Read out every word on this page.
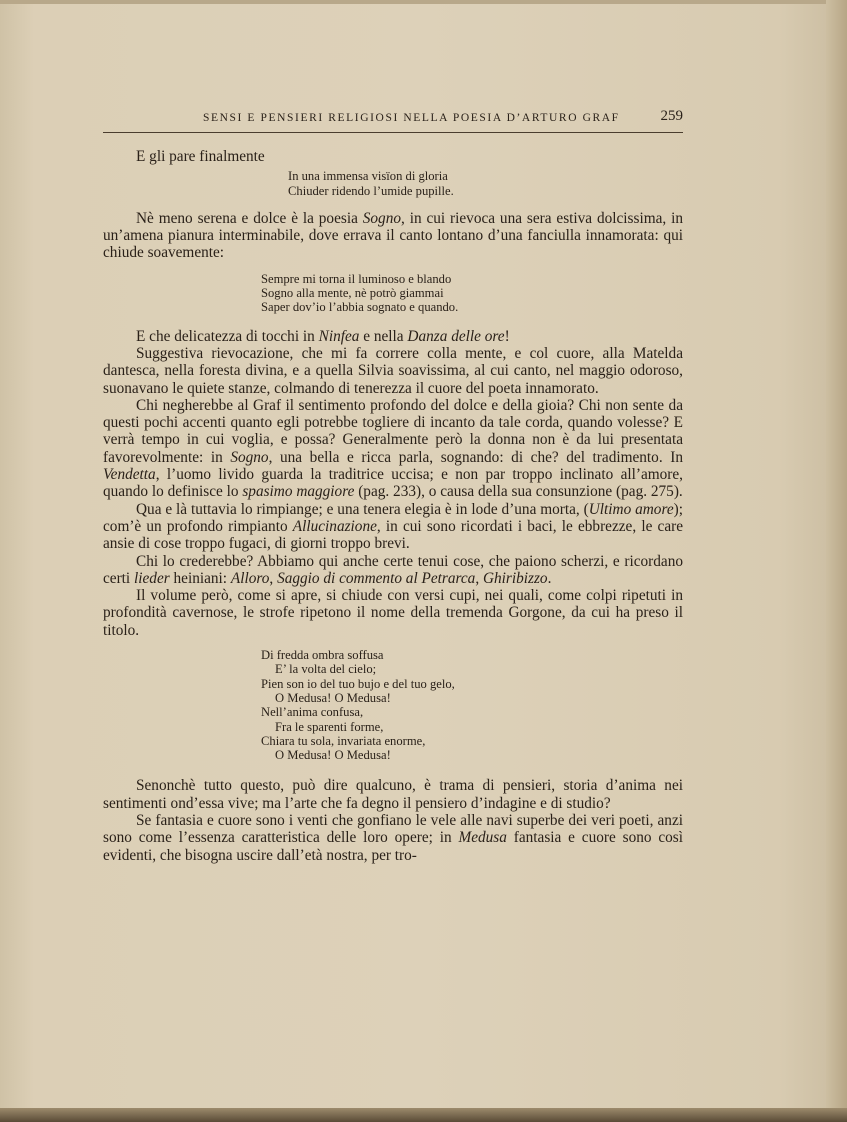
SENSI E PENSIERI RELIGIOSI NELLA POESIA D’ARTURO GRAF	259

E gli pare finalmente

In una immensa visïon di gloria
Chiuder ridendo l’umide pupille.

Nè meno serena e dolce è la poesia Sogno, in cui rievoca una sera estiva dolcissima, in un’amena pianura interminabile, dove errava il canto lontano d’una fanciulla innamorata: qui chiude soavemente:

Sempre mi torna il luminoso e blando
Sogno alla mente, nè potrò giammai
Saper dov’io l’abbia sognato e quando.

E che delicatezza di tocchi in Ninfea e nella Danza delle ore!

Suggestiva rievocazione, che mi fa correre colla mente, e col cuore, alla Matelda dantesca, nella foresta divina, e a quella Silvia soavissima, al cui canto, nel maggio odoroso, suonavano le quiete stanze, colmando di tenerezza il cuore del poeta innamorato.

Chi negherebbe al Graf il sentimento profondo del dolce e della gioia? Chi non sente da questi pochi accenti quanto egli potrebbe togliere di incanto da tale corda, quando volesse? E verrà tempo in cui voglia, e possa? Generalmente però la donna non è da lui presentata favorevolmente: in Sogno, una bella e ricca parla, sognando: di che? del tradimento. In Vendetta, l’uomo livido guarda la traditrice uccisa; e non par troppo inclinato all’amore, quando lo definisce lo spasimo maggiore (pag. 233), o causa della sua consunzione (pag. 275).

Qua e là tuttavia lo rimpiange; e una tenera elegia è in lode d’una morta, (Ultimo amore); com’è un profondo rimpianto Allucinazione, in cui sono ricordati i baci, le ebbrezze, le care ansie di cose troppo fugaci, di giorni troppo brevi.

Chi lo crederebbe? Abbiamo qui anche certe tenui cose, che paiono scherzi, e ricordano certi lieder heiniani: Alloro, Saggio di commento al Petrarca, Ghiribizzo.

Il volume però, come si apre, si chiude con versi cupi, nei quali, come colpi ripetuti in profondità cavernose, le strofe ripetono il nome della tremenda Gorgone, da cui ha preso il titolo.

Di fredda ombra soffusa
E’ la volta del cielo;
Pien son io del tuo bujo e del tuo gelo,
O Medusa! O Medusa!
Nell’anima confusa,
Fra le sparenti forme,
Chiara tu sola, invariata enorme,
O Medusa! O Medusa!

Senonchè tutto questo, può dire qualcuno, è trama di pensieri, storia d’anima nei sentimenti ond’essa vive; ma l’arte che fa degno il pensiero d’indagine e di studio?

Se fantasia e cuore sono i venti che gonfiano le vele alle navi superbe dei veri poeti, anzi sono come l’essenza caratteristica delle loro opere; in Medusa fantasia e cuore sono così evidenti, che bisogna uscire dall’età nostra, per tro-
